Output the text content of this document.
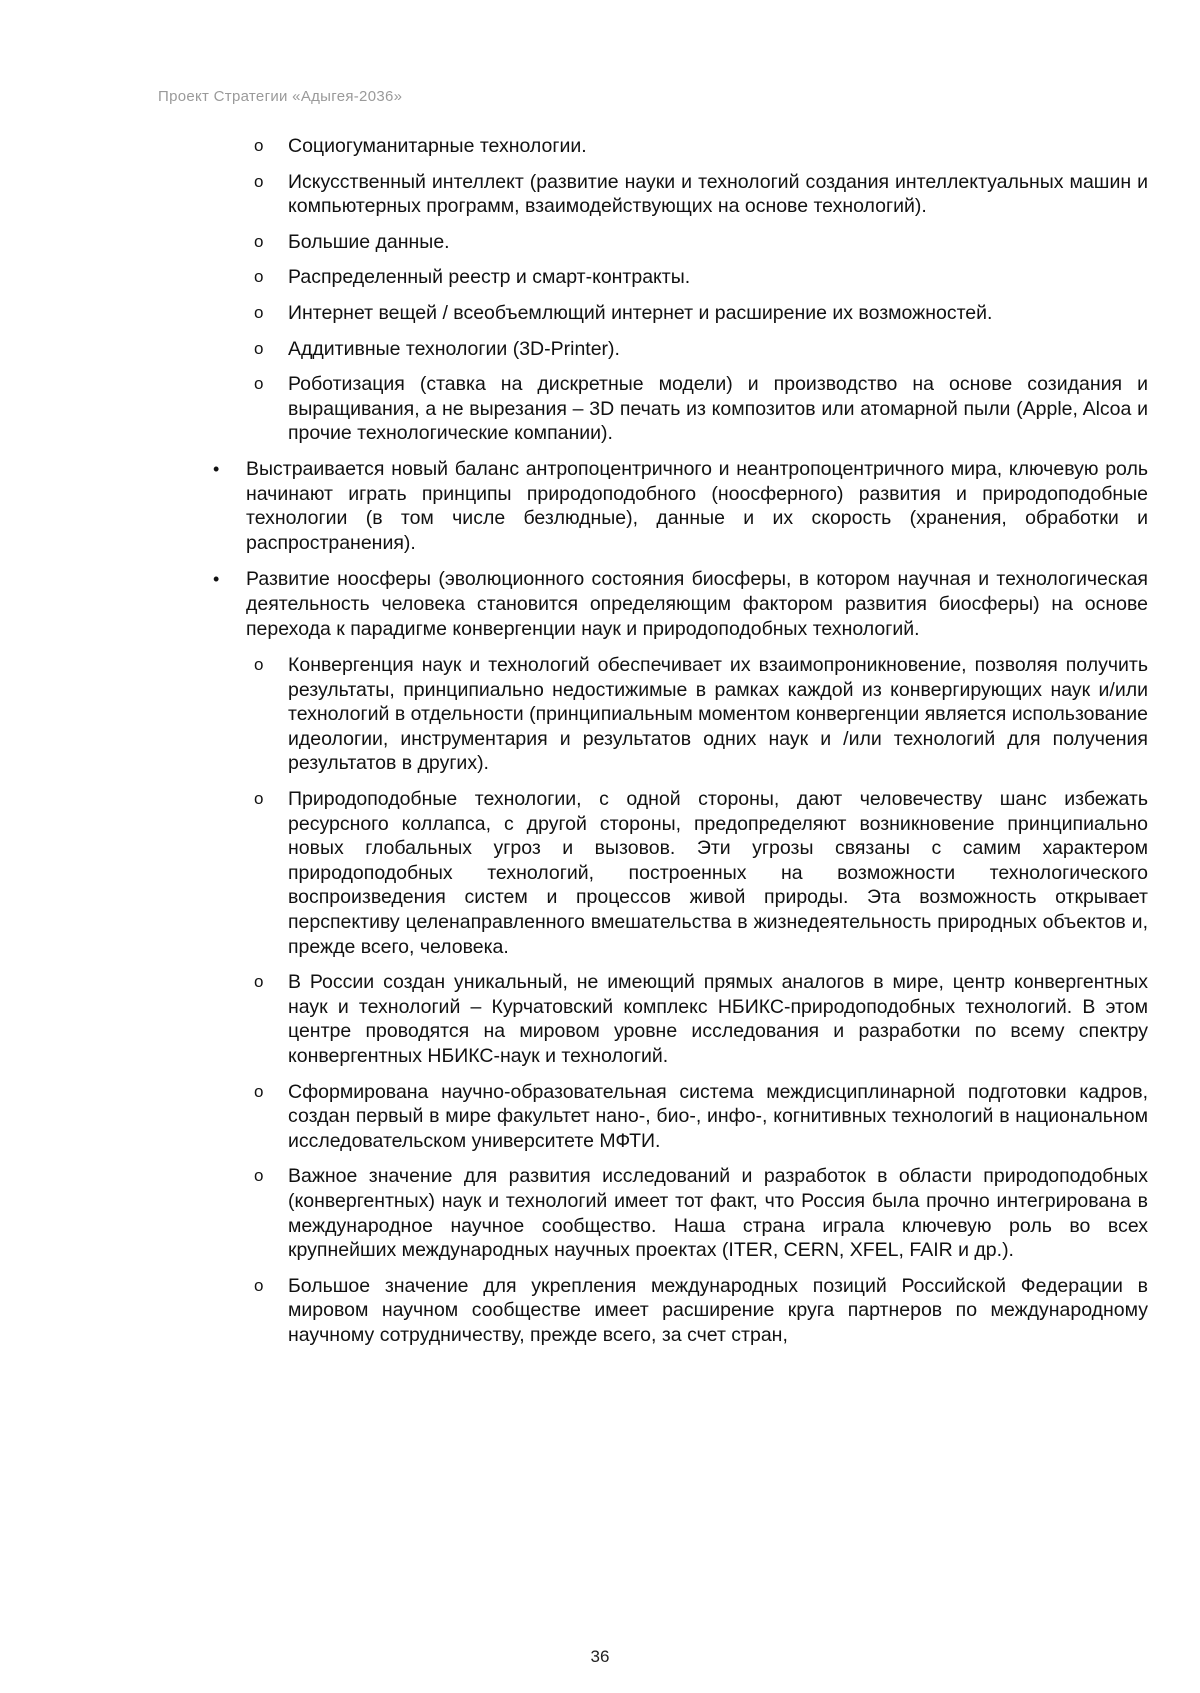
Проект Стратегии «Адыгея-2036»
o Социогуманитарные технологии.
o Искусственный интеллект (развитие науки и технологий создания интеллектуальных машин и компьютерных программ, взаимодействующих на основе технологий).
o Большие данные.
o Распределенный реестр и смарт-контракты.
o Интернет вещей / всеобъемлющий интернет и расширение их возможностей.
o Аддитивные технологии (3D-Printer).
o Роботизация (ставка на дискретные модели) и производство на основе созидания и выращивания, а не вырезания – 3D печать из композитов или атомарной пыли (Apple, Alcoa и прочие технологические компании).
• Выстраивается новый баланс антропоцентричного и неантропоцентричного мира, ключевую роль начинают играть принципы природоподобного (ноосферного) развития и природоподобные технологии (в том числе безлюдные), данные и их скорость (хранения, обработки и распространения).
• Развитие ноосферы (эволюционного состояния биосферы, в котором научная и технологическая деятельность человека становится определяющим фактором развития биосферы) на основе перехода к парадигме конвергенции наук и природоподобных технологий.
o Конвергенция наук и технологий обеспечивает их взаимопроникновение, позволяя получить результаты, принципиально недостижимые в рамках каждой из конвергирующих наук и/или технологий в отдельности (принципиальным моментом конвергенции является использование идеологии, инструментария и результатов одних наук и /или технологий для получения результатов в других).
o Природоподобные технологии, с одной стороны, дают человечеству шанс избежать ресурсного коллапса, с другой стороны, предопределяют возникновение принципиально новых глобальных угроз и вызовов. Эти угрозы связаны с самим характером природоподобных технологий, построенных на возможности технологического воспроизведения систем и процессов живой природы. Эта возможность открывает перспективу целенаправленного вмешательства в жизнедеятельность природных объектов и, прежде всего, человека.
o В России создан уникальный, не имеющий прямых аналогов в мире, центр конвергентных наук и технологий – Курчатовский комплекс НБИКС-природоподобных технологий. В этом центре проводятся на мировом уровне исследования и разработки по всему спектру конвергентных НБИКС-наук и технологий.
o Сформирована научно-образовательная система междисциплинарной подготовки кадров, создан первый в мире факультет нано-, био-, инфо-, когнитивных технологий в национальном исследовательском университете МФТИ.
o Важное значение для развития исследований и разработок в области природоподобных (конвергентных) наук и технологий имеет тот факт, что Россия была прочно интегрирована в международное научное сообщество. Наша страна играла ключевую роль во всех крупнейших международных научных проектах (ITER, CERN, XFEL, FAIR и др.).
o Большое значение для укрепления международных позиций Российской Федерации в мировом научном сообществе имеет расширение круга партнеров по международному научному сотрудничеству, прежде всего, за счет стран,
36
